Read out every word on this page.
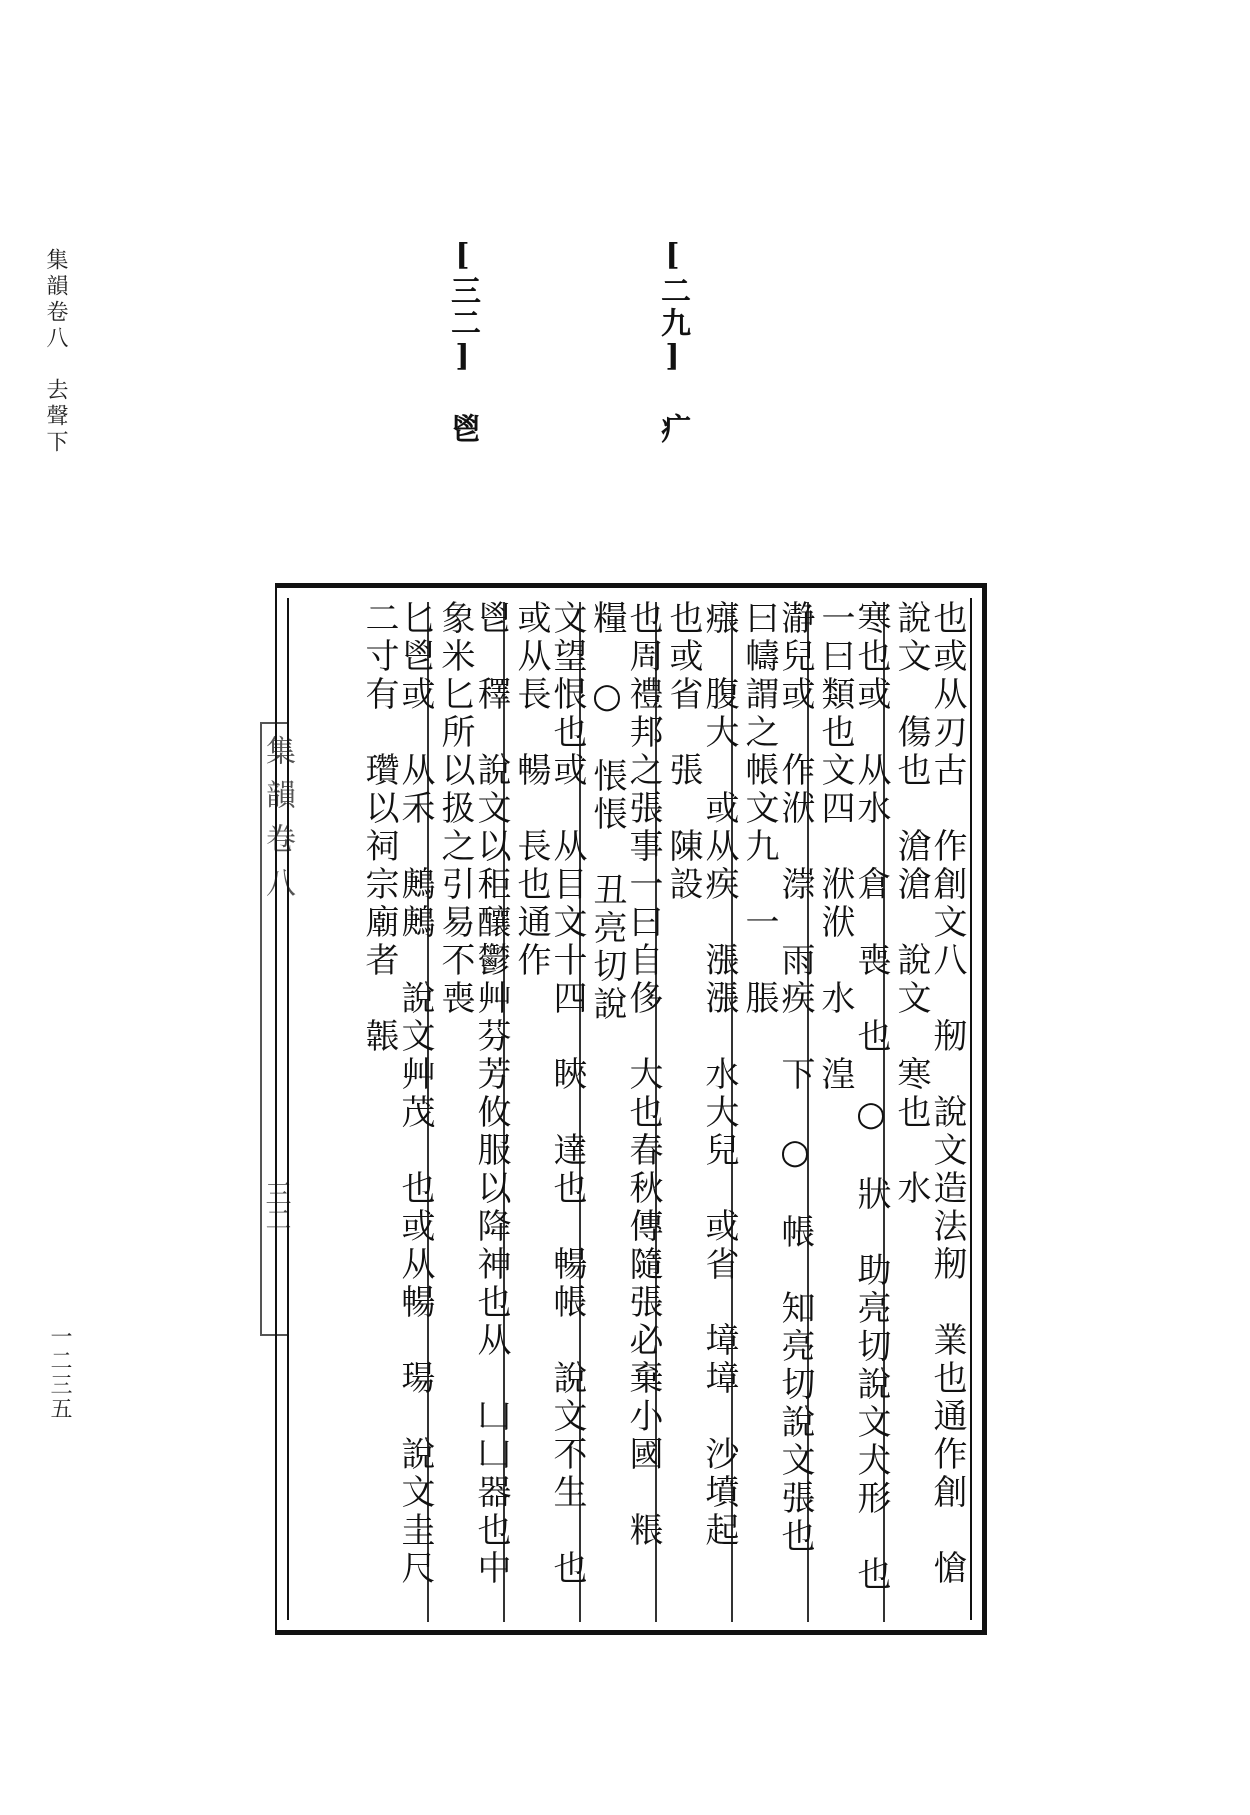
集韻卷八　去聲下
一二三五
[二九] 疒
[三二] 鬯
集韻卷八
三二	也或从刃古　作創文八　剏　說文造法剏　業也通作創　愴　說文　傷也　滄滄　說文　寒也　水
寒也或　从水　倉　喪　也　○　狀　助亮切說文犬形　也一曰類也文四　洑洑　水　湟
瀞兒或　作洑　漴　雨疾　下　○　帳　知亮切說文張也　曰幬謂之帳文九　一　脹
瘬　腹大　或从疾　漲漲　水大兒　或省　墇墇　沙墳起　也或省　張　陳設
也周禮邦之張事一曰自侈　大也春秋傳隨張必棄小國　粻　糧　○　悵悵　丑亮切說
文望恨也或　从目文十四　䀹　達也　暢帳　說文不生　也或从長　暢　長也通作
鬯　䆁　說文以秬釀鬱艸芬芳攸服以降神也从　凵凵器也中象米匕所以扱之引易不喪
匕鬯或　从禾　鶊鶊　說文艸茂　也或从暢　瑒　說文圭尺二寸有　瓚以祠宗廟者　韔
